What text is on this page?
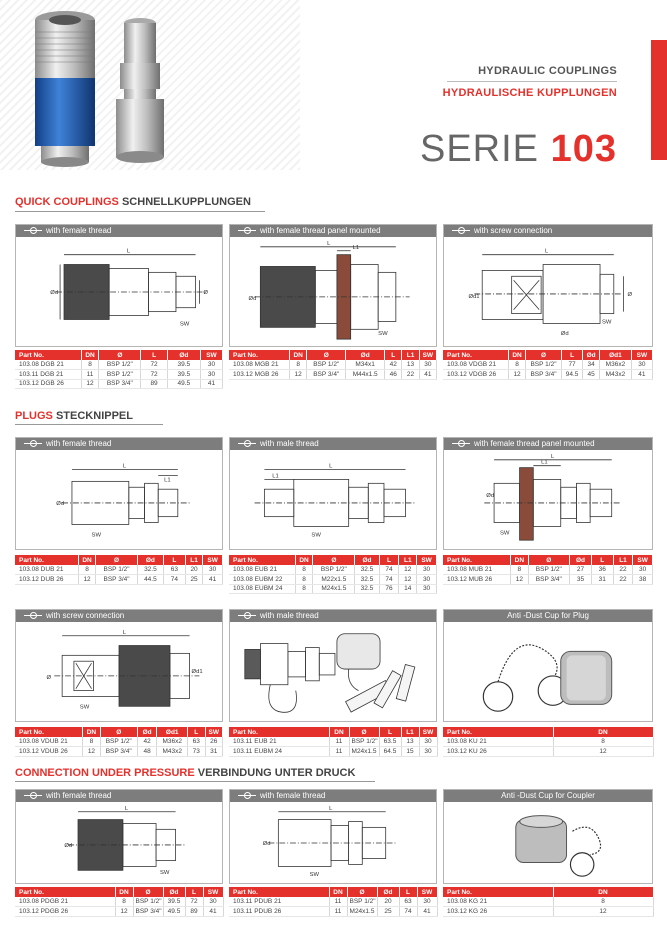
HYDRAULIC COUPLINGS
HYDRAULISCHE KUPPLUNGEN
SERIE 103
QUICK COUPLINGS SCHNELLKUPPLUNGEN
with female thread
L
Ød
SW
Ø
Part No.	DN	Ø	L	Ød	SW
103.08 DGB 21	8	BSP 1/2"	72	39.5	30
103.11 DGB 21	11	BSP 1/2"	72	39.5	30
103.12 DGB 26	12	BSP 3/4"	89	49.5	41
with female thread panel mounted
L
L1
Ød
SW
Part No.	DN	Ø	Ød	L	L1	SW
103.08 MGB 21	8	BSP 1/2"	M34x1	42	13	30
103.12 MGB 26	12	BSP 3/4"	M44x1.5	46	22	41
with screw connection
L
Ød1
Ød
SW
Ø
Part No.	DN	Ø	L	Ød	Ød1	SW
103.08 VDGB 21	8	BSP 1/2"	77	34	M36x2	30
103.12 VDGB 26	12	BSP 3/4"	94.5	45	M43x2	41
PLUGS STECKNIPPEL
with female thread
L
L1
Ød
SW
Part No.	DN	Ø	Ød	L	L1	SW
103.08 DUB 21	8	BSP 1/2"	32.5	63	20	30
103.12 DUB 26	12	BSP 3/4"	44.5	74	25	41
with male thread
L
L1
SW
Part No.	DN	Ø	Ød	L	L1	SW
103.08 EUB 21	8	BSP 1/2"	32.5	74	12	30
103.08 EUBM 22	8	M22x1.5	32.5	74	12	30
103.08 EUBM 24	8	M24x1.5	32.5	76	14	30
with female thread panel mounted
L
L1
Ød
SW
Part No.	DN	Ø	Ød	L	L1	SW
103.08 MUB 21	8	BSP 1/2"	27	36	22	30
103.12 MUB 26	12	BSP 3/4"	35	31	22	38
with screw connection
L
Ø
Ød1
SW
Part No.	DN	Ø	Ød	Ød1	L	SW
103.08 VDUB 21	8	BSP 1/2"	42	M36x2	63	26
103.12 VDUB 26	12	BSP 3/4"	48	M43x2	73	31
with male thread
Part No.	DN	Ø	L	L1	SW
103.11 EUB 21	11	BSP 1/2"	63.5	13	30
103.11 EUBM 24	11	M24x1.5	64.5	15	30
Anti -Dust Cup for Plug
Part No.	DN
103.08 KU 21	8
103.12 KU 26	12
CONNECTION UNDER PRESSURE VERBINDUNG UNTER DRUCK
with female thread
L
Ød
SW
Part No.	DN	Ø	Ød	L	SW
103.08 PDGB 21	8	BSP 1/2"	39.5	72	30
103.12 PDGB 26	12	BSP 3/4"	49.5	89	41
with female thread
L
Ød
SW
Part No.	DN	Ø	Ød	L	SW
103.11 PDUB 21	11	BSP 1/2"	20	63	30
103.11 PDUB 26	11	M24x1.5	25	74	41
Anti -Dust Cup for Coupler
Part No.	DN
103.08 KG 21	8
103.12 KG 26	12
